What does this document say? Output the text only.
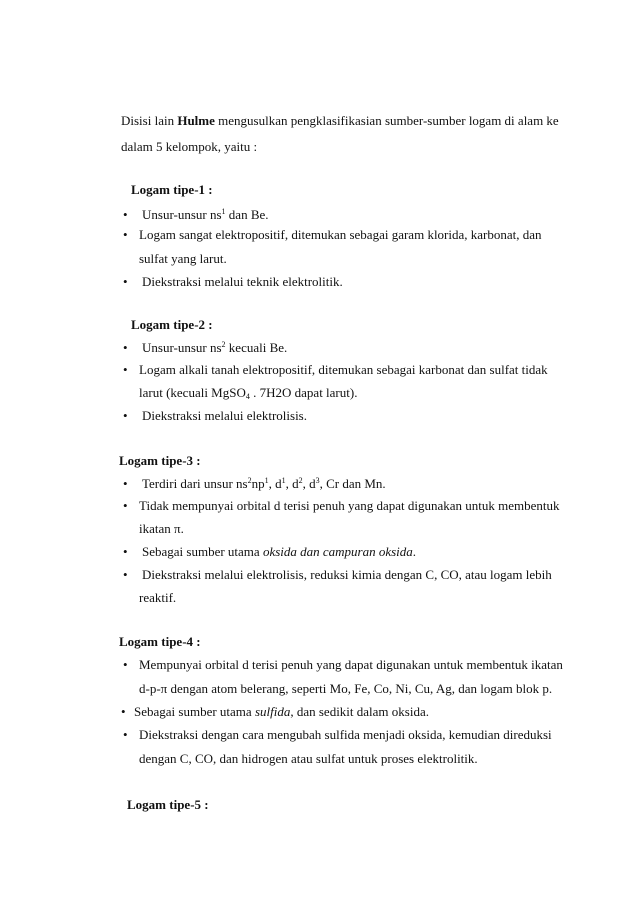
Disisi lain Hulme mengusulkan pengklasifikasian sumber-sumber logam di alam ke
dalam 5 kelompok, yaitu :
Logam tipe-1 :
• Unsur-unsur $ns^1$ dan Be.
• Logam sangat elektropositif, ditemukan sebagai garam klorida, karbonat, dan
sulfat yang larut.
• Diekstraksi melalui teknik elektrolitik.
Logam tipe-2 :
• Unsur-unsur $ns^2$ kecuali Be.
• Logam alkali tanah elektropositif, ditemukan sebagai karbonat dan sulfat tidak
larut (kecuali MgSO$_4$ . 7H2O dapat larut).
• Diekstraksi melalui elektrolisis.
Logam tipe-3 :
• Terdiri dari unsur $ns^2np^1$, $d^1$, $d^2$, $d^3$, Cr dan Mn.
• Tidak mempunyai orbital d terisi penuh yang dapat digunakan untuk membentuk
ikatan π.
• Sebagai sumber utama oksida dan campuran oksida.
• Diekstraksi melalui elektrolisis, reduksi kimia dengan C, CO, atau logam lebih
reaktif.
Logam tipe-4 :
• Mempunyai orbital d terisi penuh yang dapat digunakan untuk membentuk ikatan
d-p-π dengan atom belerang, seperti Mo, Fe, Co, Ni, Cu, Ag, dan logam blok p.
• Sebagai sumber utama sulfida, dan sedikit dalam oksida.
• Diekstraksi dengan cara mengubah sulfida menjadi oksida, kemudian direduksi
dengan C, CO, dan hidrogen atau sulfat untuk proses elektrolitik.
Logam tipe-5 :
